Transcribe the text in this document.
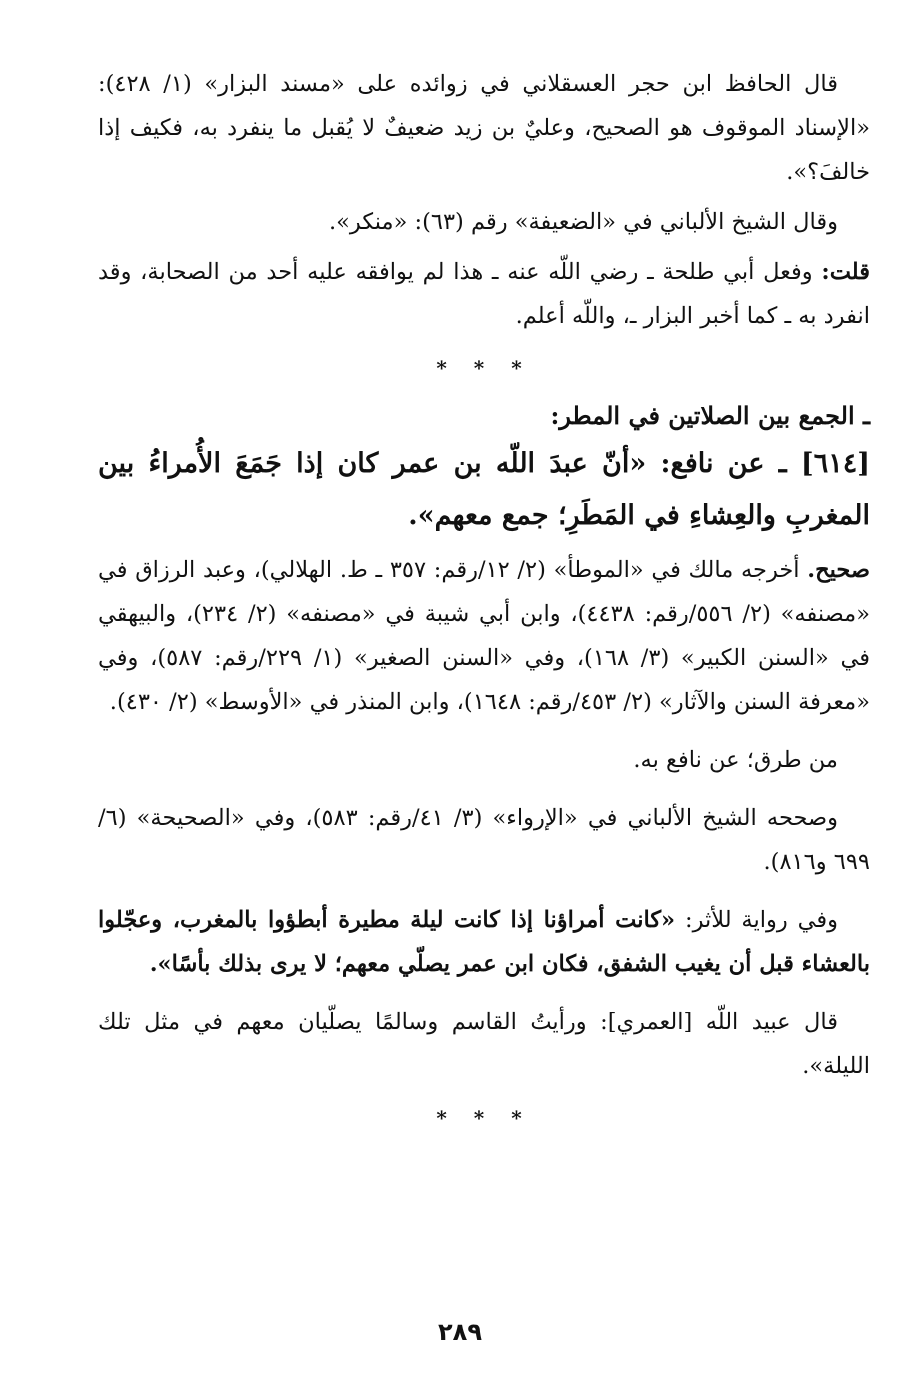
قال الحافظ ابن حجر العسقلاني في زوائده على «مسند البزار» (١/ ٤٢٨): «الإسناد الموقوف هو الصحيح، وعليٌ بن زيد ضعيفٌ لا يُقبل ما ينفرد به، فكيف إذا خالفَ؟».

وقال الشيخ الألباني في «الضعيفة» رقم (٦٣): «منكر».

قلت: وفعل أبي طلحة ـ رضي اللّه عنه ـ هذا لم يوافقه عليه أحد من الصحابة، وقد انفرد به ـ كما أخبر البزار ـ، واللّه أعلم.

* * *

ـ الجمع بين الصلاتين في المطر:

[٦١٤] ـ عن نافع: «أنّ عبدَ اللّه بن عمر كان إذا جَمَعَ الأُمراءُ بين المغربِ والعِشاءِ في المَطَرِ؛ جمع معهم».

صحيح. أخرجه مالك في «الموطأ» (٢/ ١٢/رقم: ٣٥٧ ـ ط. الهلالي)، وعبد الرزاق في «مصنفه» (٢/ ٥٥٦/رقم: ٤٤٣٨)، وابن أبي شيبة في «مصنفه» (٢/ ٢٣٤)، والبيهقي في «السنن الكبير» (٣/ ١٦٨)، وفي «السنن الصغير» (١/ ٢٢٩/رقم: ٥٨٧)، وفي «معرفة السنن والآثار» (٢/ ٤٥٣/رقم: ١٦٤٨)، وابن المنذر في «الأوسط» (٢/ ٤٣٠).

من طرق؛ عن نافع به.

وصححه الشيخ الألباني في «الإرواء» (٣/ ٤١/رقم: ٥٨٣)، وفي «الصحيحة» (٦/ ٦٩٩ و٨١٦).

وفي رواية للأثر: «كانت أمراؤنا إذا كانت ليلة مطيرة أبطؤوا بالمغرب، وعجّلوا بالعشاء قبل أن يغيب الشفق، فكان ابن عمر يصلّي معهم؛ لا يرى بذلك بأسًا».

قال عبيد اللّه [العمري]: ورأيتُ القاسم وسالمًا يصلّيان معهم في مثل تلك الليلة».

* * *
٢٨٩
